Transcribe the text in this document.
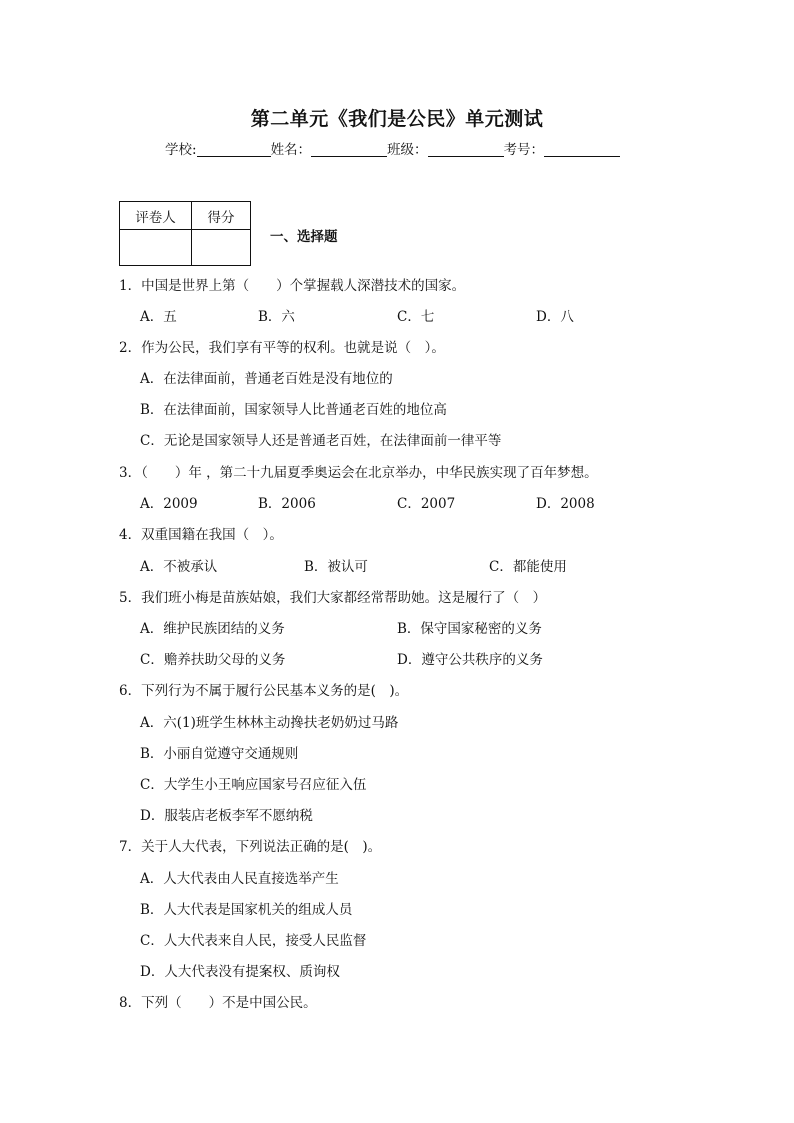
第二单元《我们是公民》单元测试
学校:	姓名：	班级：	考号：
评卷人	得分

一、选择题
1．中国是世界上第（　　）个掌握载人深潜技术的国家。
A．五	B．六	C．七	D．八
2．作为公民，我们享有平等的权利。也就是说（　）。
A．在法律面前，普通老百姓是没有地位的
B．在法律面前，国家领导人比普通老百姓的地位高
C．无论是国家领导人还是普通老百姓，在法律面前一律平等
3．（　　）年 ，第二十九届夏季奥运会在北京举办，中华民族实现了百年梦想。
A．2009	B．2006	C．2007	D．2008
4．双重国籍在我国（　）。
A．不被承认	B．被认可	C．都能使用
5．我们班小梅是苗族姑娘，我们大家都经常帮助她。这是履行了（　）
A．维护民族团结的义务	B．保守国家秘密的义务
C．赡养扶助父母的义务	D．遵守公共秩序的义务
6．下列行为不属于履行公民基本义务的是(　)。
A．六(1)班学生林林主动搀扶老奶奶过马路
B．小丽自觉遵守交通规则
C．大学生小王响应国家号召应征入伍
D．服装店老板李军不愿纳税
7．关于人大代表，下列说法正确的是(　)。
A．人大代表由人民直接选举产生
B．人大代表是国家机关的组成人员
C．人大代表来自人民，接受人民监督
D．人大代表没有提案权、质询权
8．下列（　　）不是中国公民。
